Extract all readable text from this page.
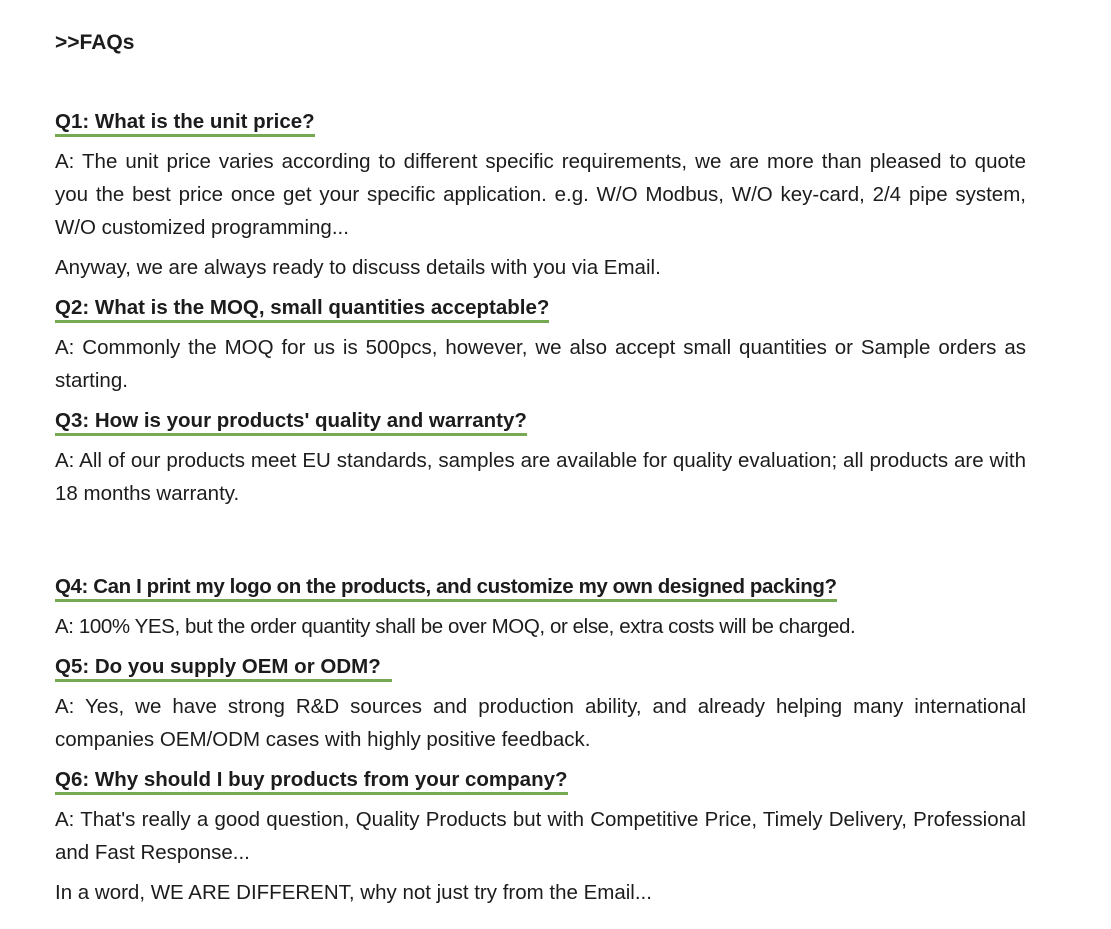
>>FAQs
Q1: What is the unit price?

A: The unit price varies according to different specific requirements, we are more than pleased to quote you the best price once get your specific application. e.g. W/O Modbus, W/O key-card, 2/4 pipe system, W/O customized programming...

Anyway, we are always ready to discuss details with you via Email.

Q2: What is the MOQ, small quantities acceptable?

A: Commonly the MOQ for us is 500pcs, however, we also accept small quantities or Sample orders as starting.

Q3: How is your products' quality and warranty?

A: All of our products meet EU standards, samples are available for quality evaluation; all products are with 18 months warranty.

Q4: Can I print my logo on the products, and customize my own designed packing?

A: 100% YES, but the order quantity shall be over MOQ, or else, extra costs will be charged.

Q5: Do you supply OEM or ODM?

A: Yes, we have strong R&D sources and production ability, and already helping many international companies OEM/ODM cases with highly positive feedback.

Q6: Why should I buy products from your company?

A: That's really a good question, Quality Products but with Competitive Price, Timely Delivery, Professional and Fast Response...

In a word, WE ARE DIFFERENT, why not just try from the Email...
